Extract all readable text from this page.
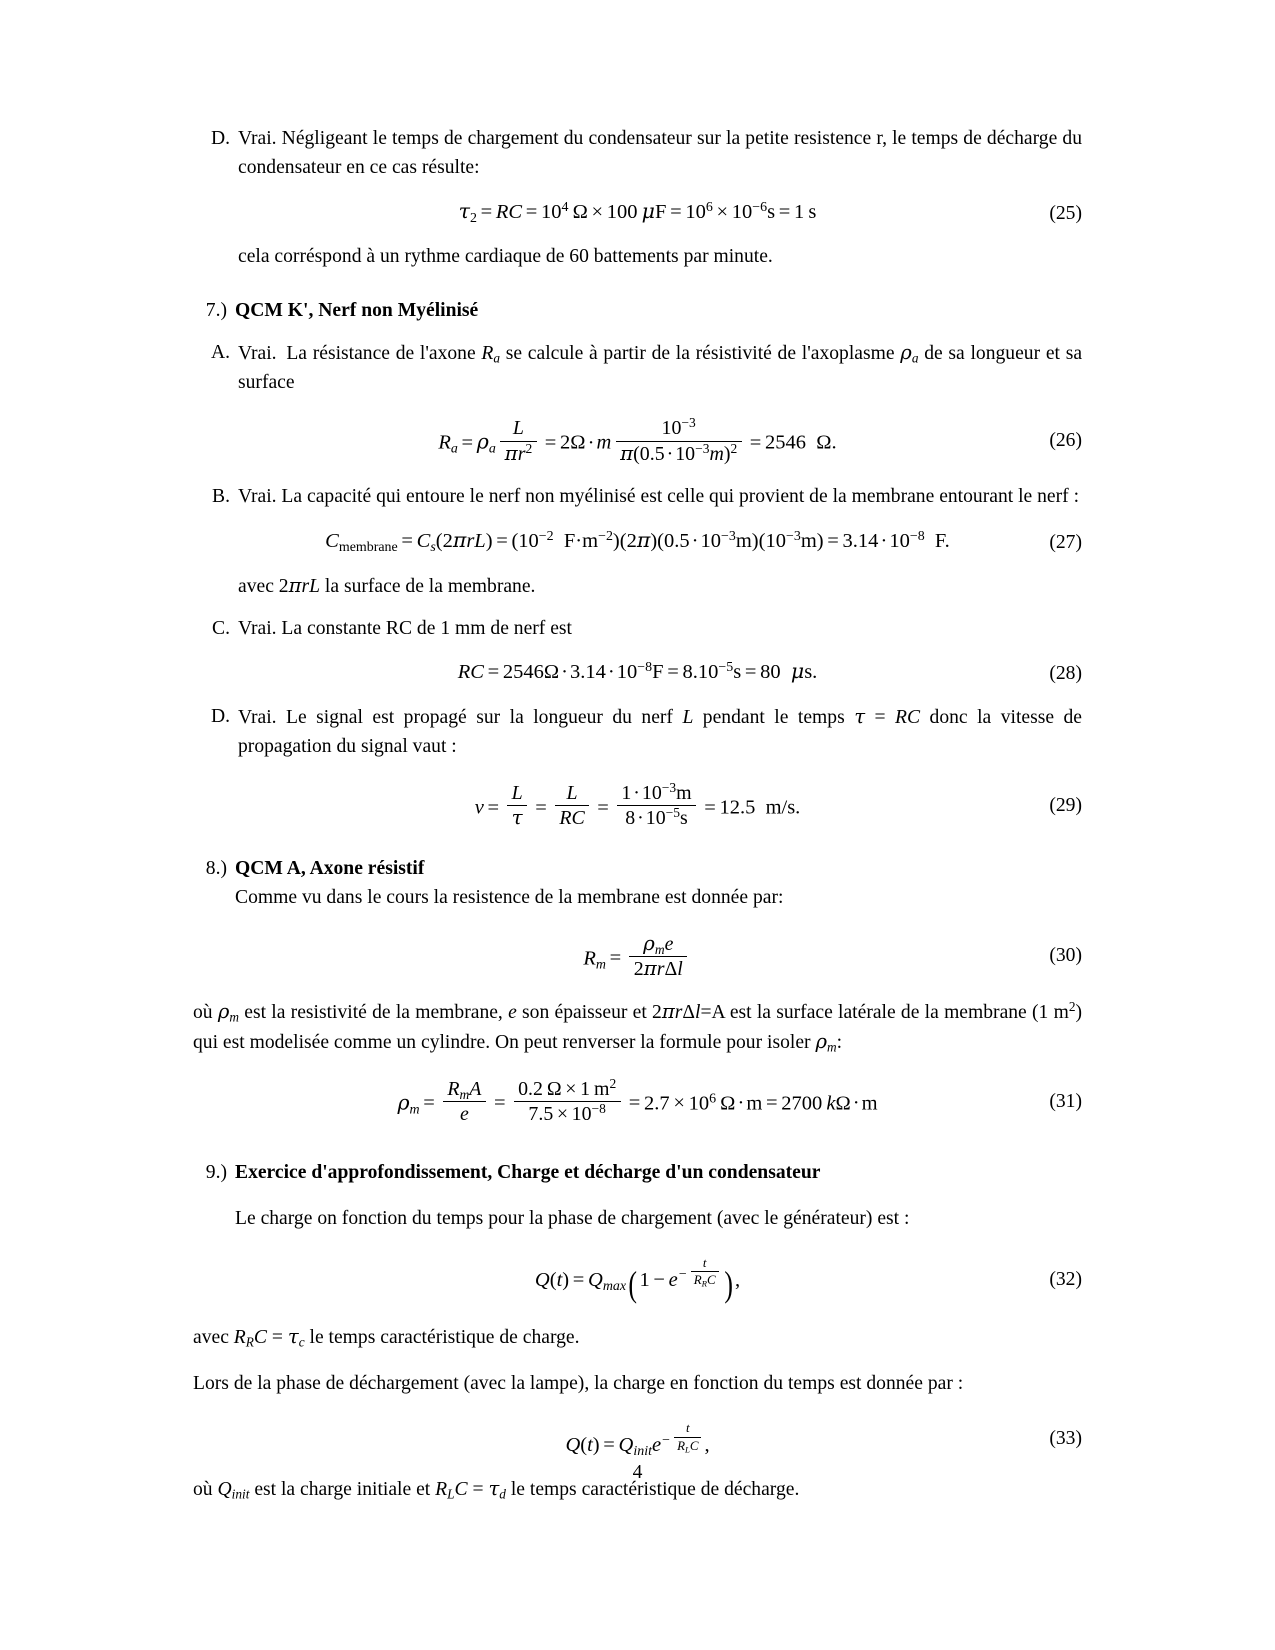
D. Vrai. Négligeant le temps de chargement du condensateur sur la petite resistence r, le temps de décharge du condensateur en ce cas résulte:
$\tau_2$ = RC = $10^4$  Ω × 100  $\mu F = 10^6 \times 10^{-6}s = 1$  s	(25)
cela corréspond à un rythme cardiaque de 60 battements par minute.
7.) QCM K', Nerf non Myélinisé
A. Vrai. La résistance de l'axone $R_a$ se calcule à partir de la résistivité de l'axoplasme $\rho_a$ de sa longueur et sa surface
$R_a = \rho_a \frac{L}{\pi r^2} = 2\Omega\cdot m \frac{10^{-3}}{\pi(0.5\cdot 10^{-3}m)^2} = 2546$ Ω.	(26)
B. Vrai. La capacité qui entoure le nerf non myélinisé est celle qui provient de la membrane entourant le nerf :
$C_{membrane} = C_s(2\pi rL) = (10^{-2}$  $F\cdot m^{-2})(2\pi)(0.5\cdot 10^{-3}m)(10^{-3}m) = 3.14\cdot 10^{-8}$  F.	(27)
avec 2πrL la surface de la membrane.
C. Vrai. La constante RC de 1 mm de nerf est
RC = $2546\Omega\cdot 3.14\cdot 10^{-8}F = 8.10^{-5}s = 80$  μs.	(28)
D. Vrai. Le signal est propagé sur la longueur du nerf L pendant le temps τ = RC donc la vitesse de propagation du signal vaut :
$v = \frac{L}{\tau} = \frac{L}{RC} = \frac{1\cdot 10^{-3}m}{8\cdot 10^{-5}s} = 12.5$ m/s.	(29)
8.) QCM A, Axone résistif

Comme vu dans le cours la resistence de la membrane est donnée par:

$R_m = \frac{\rho_me}{\text{2πrΔl}}$	(30)

où $\rho_m$ est la resistivité de la membrane, e son épaisseur et 2πrΔl=A est la surface latérale de la membrane (1 $m^2$) qui est modelisée comme un cylindre. On peut renverser la formule pour isoler $\rho_m$:

$\rho_m = \frac{R_mA}{e} = \frac{0.2 \Omega \times 1 m^2}{7.5 \times 10^{-8}} = 2.7 \times 10^6$  Ω·m = 2700  kΩ·m	(31)
9.) Exercice d'approfondissement, Charge et décharge d'un condensateur

Le charge on fonction du temps pour la phase de chargement (avec le générateur) est :

$Q(t) = Q_{max}$( $1 - e^{- \frac{t}{R_RC}}$ ) ,	(32)

avec $R_RC = \tau_c$ le temps caractéristique de charge.

Lors de la phase de déchargement (avec la lampe), la charge en fonction du temps est donnée par :

$Q(t) = Q_{init}e^{- \frac{t}{R_LC}}$ ,	(33)

où $Q_{init}$ est la charge initiale et $R_LC = \tau_d$ le temps caractéristique de décharge.

4
